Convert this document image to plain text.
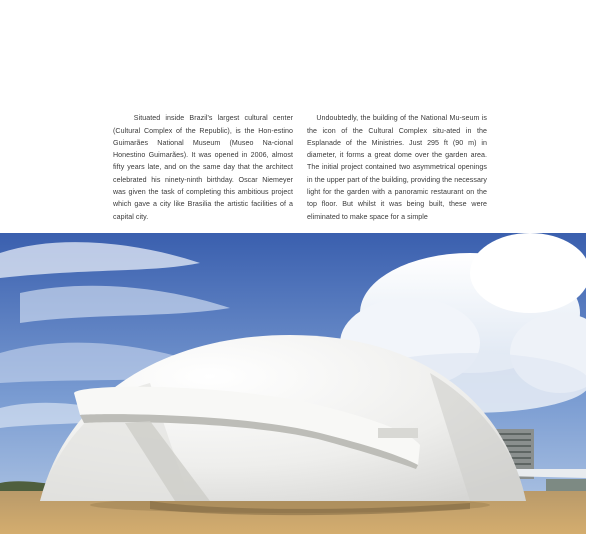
Situated inside Brazil's largest cultural center (Cultural Complex of the Republic), is the Hon-estino Guimarães National Museum (Museo Na-cional Honestino Guimarães). It was opened in 2006, almost fifty years late, and on the same day that the architect celebrated his ninety-ninth birthday. Oscar Niemeyer was given the task of completing this ambitious project which gave a city like Brasilia the artistic facilities of a capital city.

Undoubtedly, the building of the National Mu-seum is the icon of the Cultural Complex situ-ated in the Esplanade of the Ministries. Just 295 ft (90 m) in diameter, it forms a great dome over the garden area. The initial project contained two asymmetrical openings in the upper part of the building, providing the necessary light for the garden with a panoramic restaurant on the top floor. But whilst it was being built, these were eliminated to make space for a simple
